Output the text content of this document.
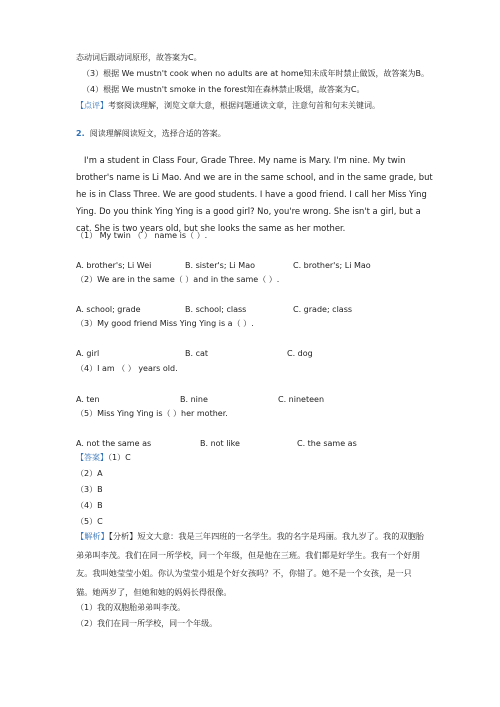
态动词后跟动词原形，故答案为C。

（3）根据 We mustn't cook when no adults are at home知未成年时禁止做饭，故答案为B。

（4）根据 We mustn't smoke in the forest知在森林禁止吸烟，故答案为C。

【点评】考察阅读理解，浏览文章大意，根据问题通读文章，注意句首和句末关键词。

2. 阅读理解阅读短文，选择合适的答案。

I'm a student in Class Four, Grade Three. My name is Mary. I'm nine. My twin brother's name is Li Mao. And we are in the same school, and in the same grade, but he is in Class Three. We are good students. I have a good friend. I call her Miss Ying Ying. Do you think Ying Ying is a good girl? No, you're wrong. She isn't a girl, but a cat. She is two years old, but she looks the same as her mother.

（1） My twin （ ） name is（ ）.

A. brother's; Li Wei	B. sister's; Li Mao	C. brother's; Li Mao

（2）We are in the same（ ）and in the same（ ）.

A. school; grade	B. school; class	C. grade; class

（3）My good friend Miss Ying Ying is a（ ）.

A. girl	B. cat	C. dog

（4）I am （ ） years old.

A. ten	B. nine	C. nineteen

（5）Miss Ying Ying is（ ）her mother.

A. not the same as	B. not like	C. the same as

【答案】（1）C

（2）A

（3）B

（4）B

（5）C

【解析】【分析】短文大意：我是三年四班的一名学生。我的名字是玛丽。我九岁了。我的双胞胎弟弟叫李茂。我们在同一所学校，同一个年级，但是他在三班。我们都是好学生。我有一个好朋友。我叫她莹莹小姐。你认为莹莹小姐是个好女孩吗？不，你错了。她不是一个女孩，是一只猫。她两岁了，但她和她的妈妈长得很像。

（1）我的双胞胎弟弟叫李茂。

（2）我们在同一所学校，同一个年级。
